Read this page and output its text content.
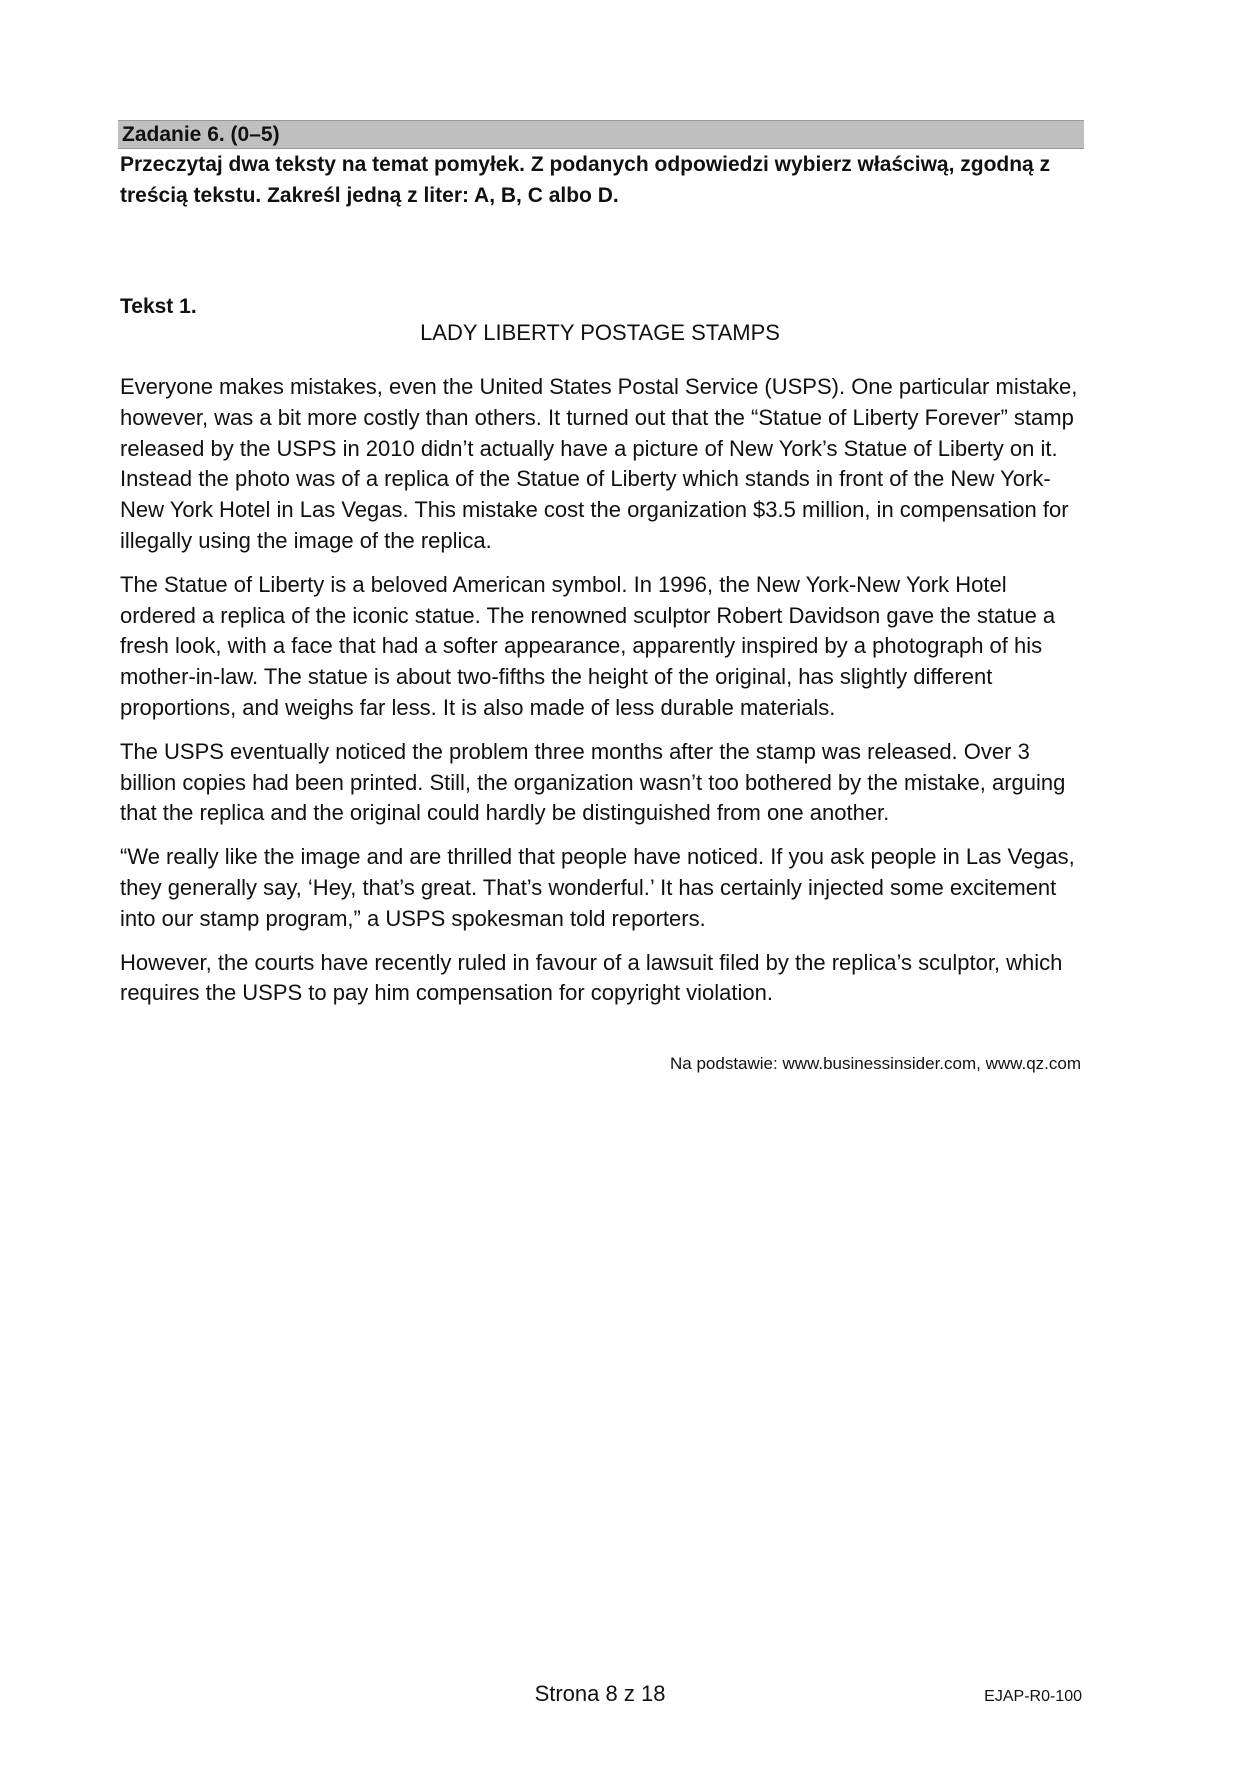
Zadanie 6. (0–5)
Przeczytaj dwa teksty na temat pomyłek. Z podanych odpowiedzi wybierz właściwą, zgodną z treścią tekstu. Zakreśl jedną z liter: A, B, C albo D.
Tekst 1.
LADY LIBERTY POSTAGE STAMPS

Everyone makes mistakes, even the United States Postal Service (USPS). One particular mistake, however, was a bit more costly than others. It turned out that the “Statue of Liberty Forever” stamp released by the USPS in 2010 didn’t actually have a picture of New York’s Statue of Liberty on it. Instead the photo was of a replica of the Statue of Liberty which stands in front of the New York-New York Hotel in Las Vegas. This mistake cost the organization $3.5 million, in compensation for illegally using the image of the replica.

The Statue of Liberty is a beloved American symbol. In 1996, the New York-New York Hotel ordered a replica of the iconic statue. The renowned sculptor Robert Davidson gave the statue a fresh look, with a face that had a softer appearance, apparently inspired by a photograph of his mother-in-law. The statue is about two-fifths the height of the original, has slightly different proportions, and weighs far less. It is also made of less durable materials.

The USPS eventually noticed the problem three months after the stamp was released. Over 3 billion copies had been printed. Still, the organization wasn’t too bothered by the mistake, arguing that the replica and the original could hardly be distinguished from one another.

“We really like the image and are thrilled that people have noticed. If you ask people in Las Vegas, they generally say, ‘Hey, that’s great. That’s wonderful.’ It has certainly injected some excitement into our stamp program,” a USPS spokesman told reporters.

However, the courts have recently ruled in favour of a lawsuit filed by the replica’s sculptor, which requires the USPS to pay him compensation for copyright violation.

Na podstawie: www.businessinsider.com, www.qz.com
Strona 8 z 18	EJAP-R0-100
